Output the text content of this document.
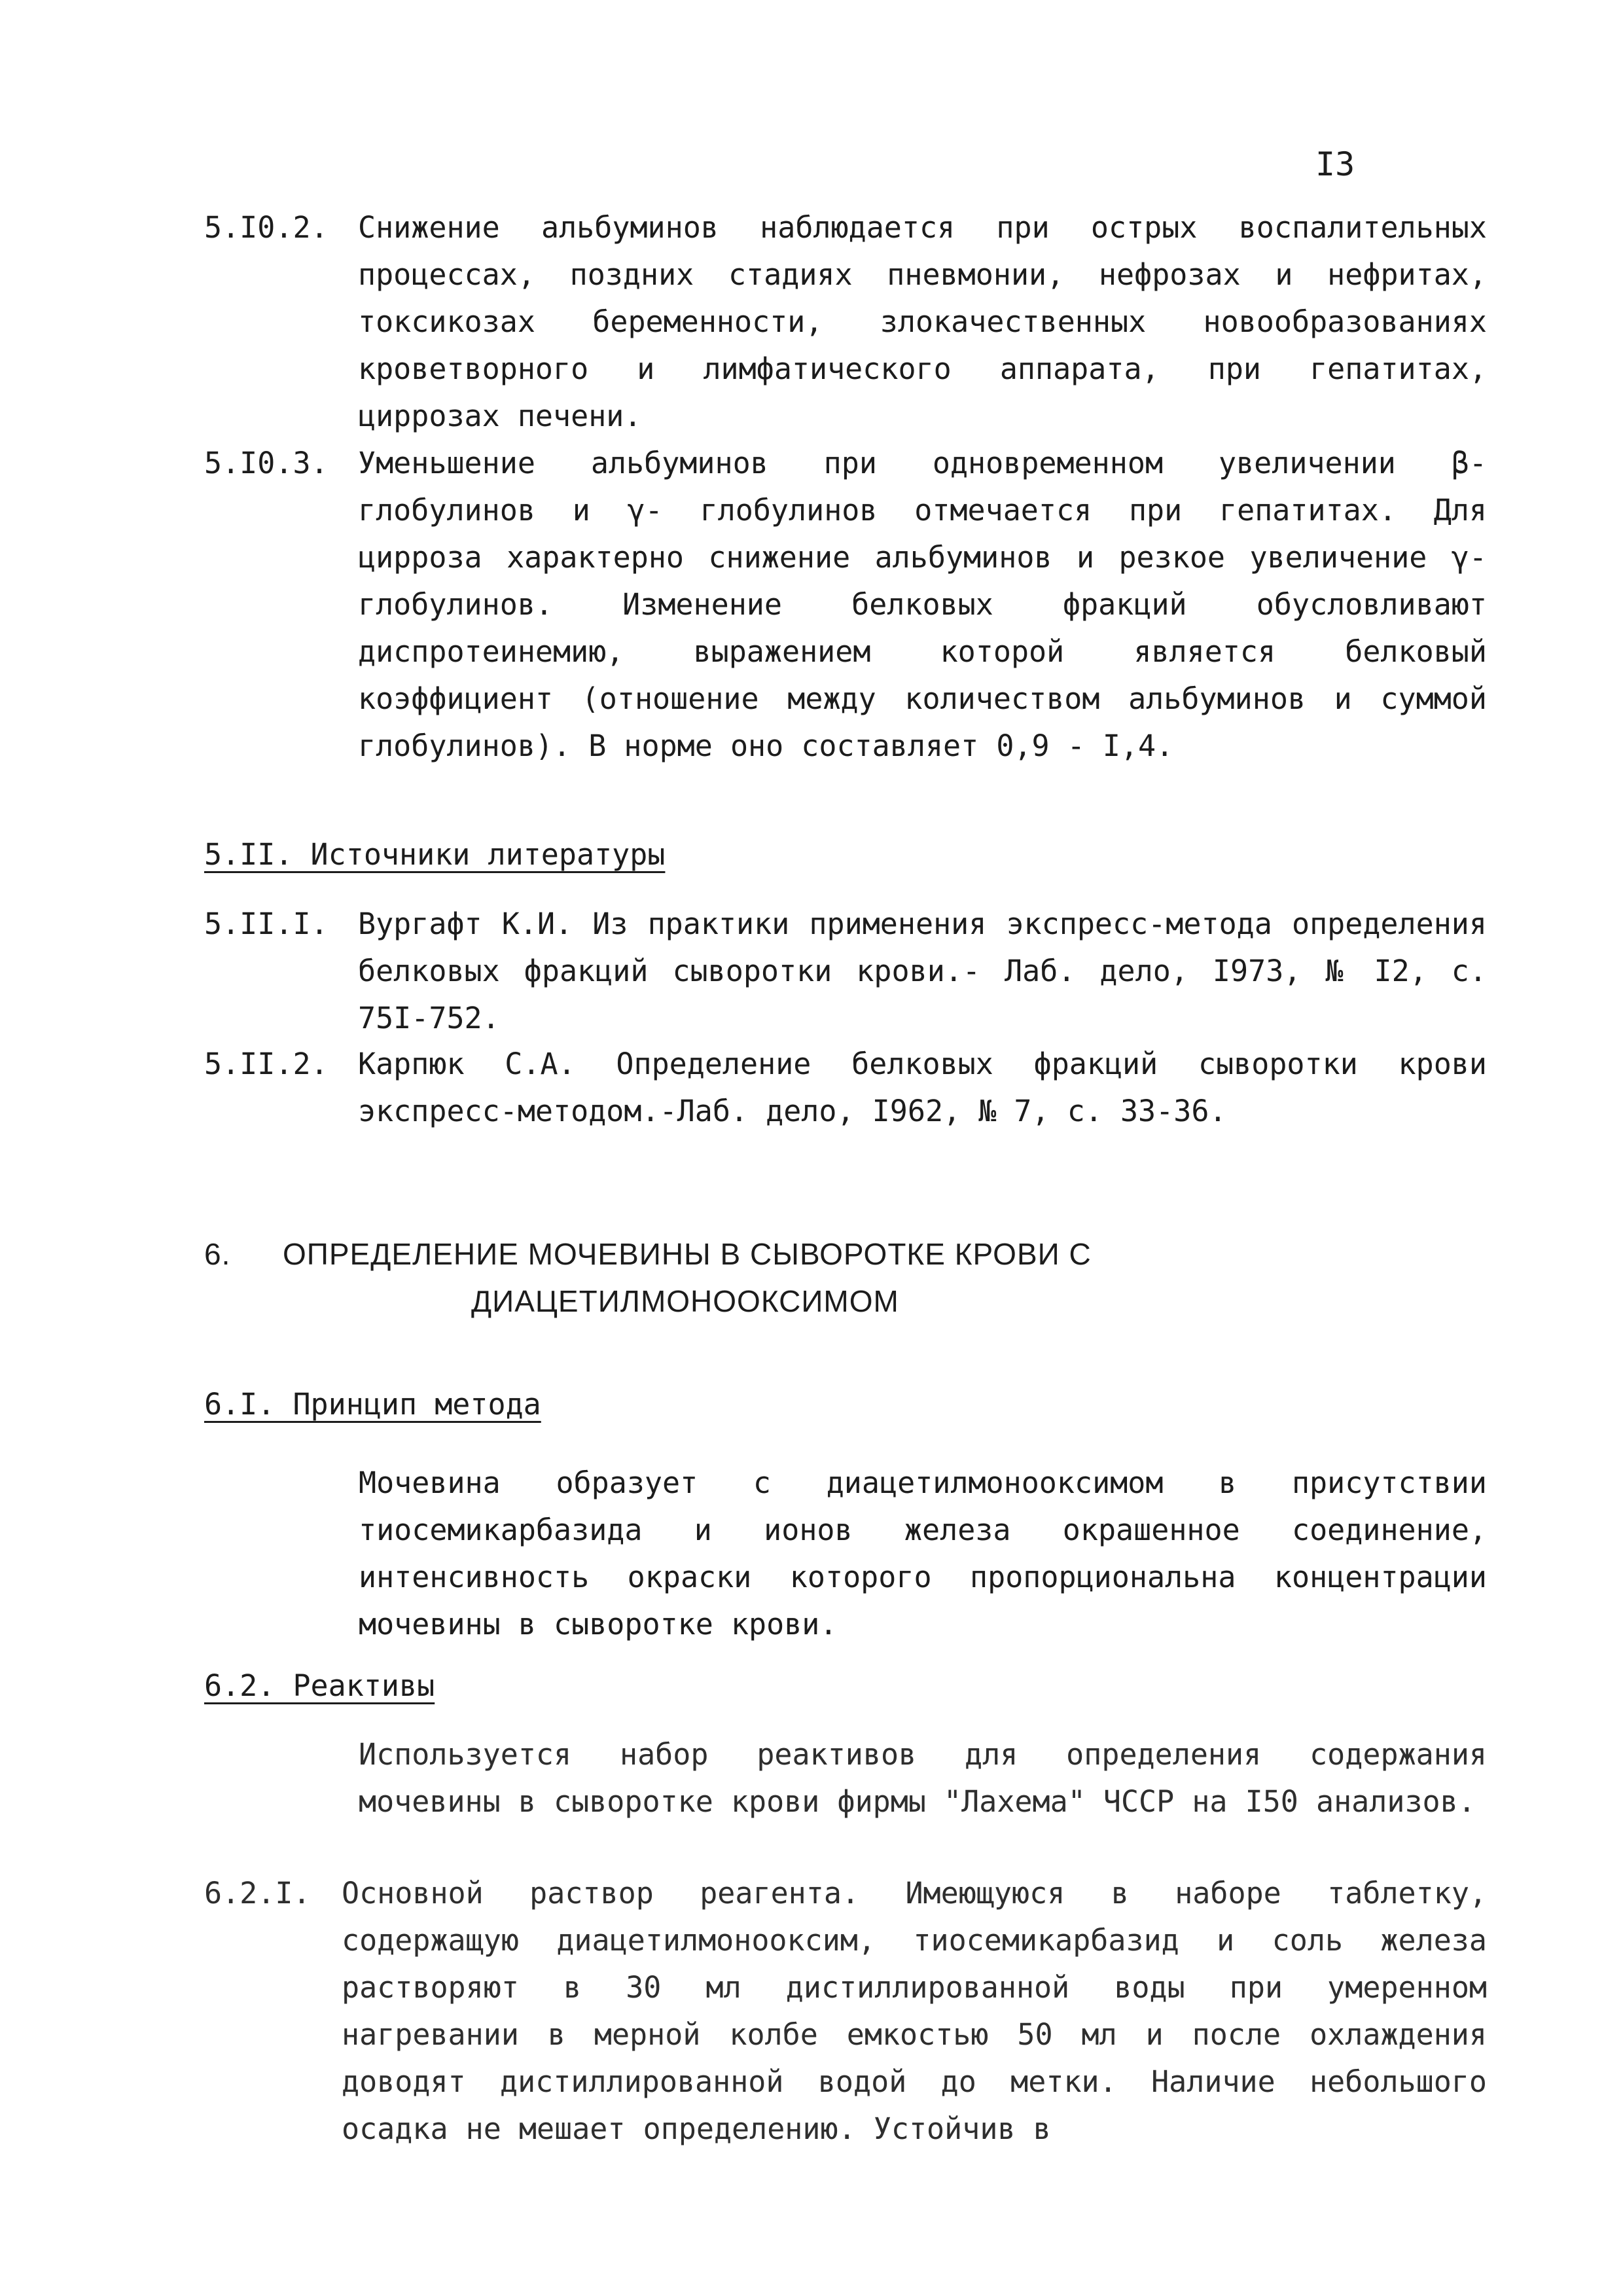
I3
5.I0.2. Снижение альбуминов наблюдается при острых воспалительных процессах, поздних стадиях пневмонии, нефрозах и нефритах, токсикозах беременности, злокачественных новообразованиях кроветворного и лимфатического аппарата, при гепатитах, циррозах печени.
5.I0.3. Уменьшение альбуминов при одновременном увеличении β- глобулинов и γ- глобулинов отмечается при гепатитах. Для цирроза характерно снижение альбуминов и резкое увеличение γ- глобулинов. Изменение белковых фракций обусловливают диспротеинемию, выражением которой является белковый коэффициент (отношение между количеством альбуминов и суммой глобулинов). В норме оно составляет 0,9 - I,4.
5.II. Источники литературы
5.II.I. Вургафт К.И. Из практики применения экспресс-метода определения белковых фракций сыворотки крови.- Лаб. дело, I973, № I2, с. 75I-752.
5.II.2. Карпюк С.А. Определение белковых фракций сыворотки крови экспресс-методом.-Лаб. дело, I962, № 7, с. 33-36.
6. ОПРЕДЕЛЕНИЕ МОЧЕВИНЫ В СЫВОРОТКЕ КРОВИ С
ДИАЦЕТИЛМОНООКСИМОМ
6.I. Принцип метода
Мочевина образует с диацетилмонооксимом в присутствии тиосемикарбазида и ионов железа окрашенное соединение, интенсивность окраски которого пропорциональна концентрации мочевины в сыворотке крови.
6.2. Реактивы
Используется набор реактивов для определения содержания мочевины в сыворотке крови фирмы "Лахема" ЧССР на I50 анализов.
6.2.I. Основной раствор реагента. Имеющуюся в наборе таблетку, содержащую диацетилмонооксим, тиосемикарбазид и соль железа растворяют в 30 мл дистиллированной воды при умеренном нагревании в мерной колбе емкостью 50 мл и после охлаждения доводят дистиллированной водой до метки. Наличие небольшого осадка не мешает определению. Устойчив в
